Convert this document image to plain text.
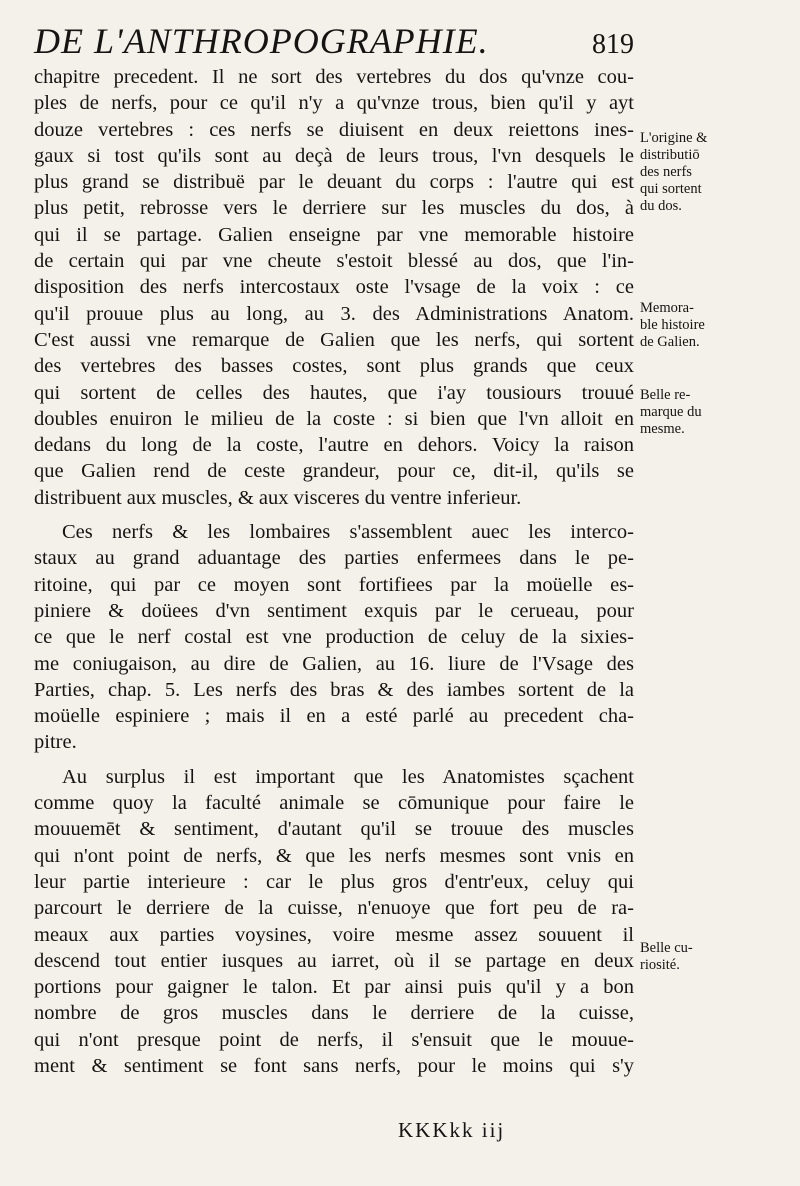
DE L'ANTHROPOGRAPHIE.	819
chapitre precedent. Il ne sort des vertebres du dos qu'vnze cou-
ples de nerfs, pour ce qu'il n'y a qu'vnze trous, bien qu'il y ayt
douze vertebres : ces nerfs se diuisent en deux reiettons ines-
gaux si tost qu'ils sont au deçà de leurs trous, l'vn desquels le
plus grand se distribuë par le deuant du corps : l'autre qui est
plus petit, rebrosse vers le derriere sur les muscles du dos, à
qui il se partage. Galien enseigne par vne memorable histoire
de certain qui par vne cheute s'estoit blessé au dos, que l'in-
disposition des nerfs intercostaux oste l'vsage de la voix : ce
qu'il prouue plus au long, au 3. des Administrations Anatom.
C'est aussi vne remarque de Galien que les nerfs, qui sortent
des vertebres des basses costes, sont plus grands que ceux
qui sortent de celles des hautes, que i'ay tousiours trouué
doubles enuiron le milieu de la coste : si bien que l'vn alloit en
dedans du long de la coste, l'autre en dehors. Voicy la raison
que Galien rend de ceste grandeur, pour ce, dit-il, qu'ils se
distribuent aux muscles, & aux visceres du ventre inferieur.
Ces nerfs & les lombaires s'assemblent auec les interco-
staux au grand aduantage des parties enfermees dans le pe-
ritoine, qui par ce moyen sont fortifiees par la moüelle es-
piniere & doüees d'vn sentiment exquis par le cerueau, pour
ce que le nerf costal est vne production de celuy de la sixies-
me coniugaison, au dire de Galien, au 16. liure de l'Vsage des
Parties, chap. 5. Les nerfs des bras & des iambes sortent de la
moüelle espiniere ; mais il en a esté parlé au precedent cha-
pitre.
Au surplus il est important que les Anatomistes sçachent
comme quoy la faculté animale se cōmunique pour faire le
mouuemēt & sentiment, d'autant qu'il se trouue des muscles
qui n'ont point de nerfs, & que les nerfs mesmes sont vnis en
leur partie interieure : car le plus gros d'entr'eux, celuy qui
parcourt le derriere de la cuisse, n'enuoye que fort peu de ra-
meaux aux parties voysines, voire mesme assez souuent il
descend tout entier iusques au iarret, où il se partage en deux
portions pour gaigner le talon. Et par ainsi puis qu'il y a bon
nombre de gros muscles dans le derriere de la cuisse,
qui n'ont presque point de nerfs, il s'ensuit que le mouue-
ment & sentiment se font sans nerfs, pour le moins qui s'y
L'origine &
distributiō
des nerfs
qui sortent
du dos.
Memora-
ble histoire
de Galien.
Belle re-
marque du
mesme.
Belle cu-
riosité.
KKKkk iij
